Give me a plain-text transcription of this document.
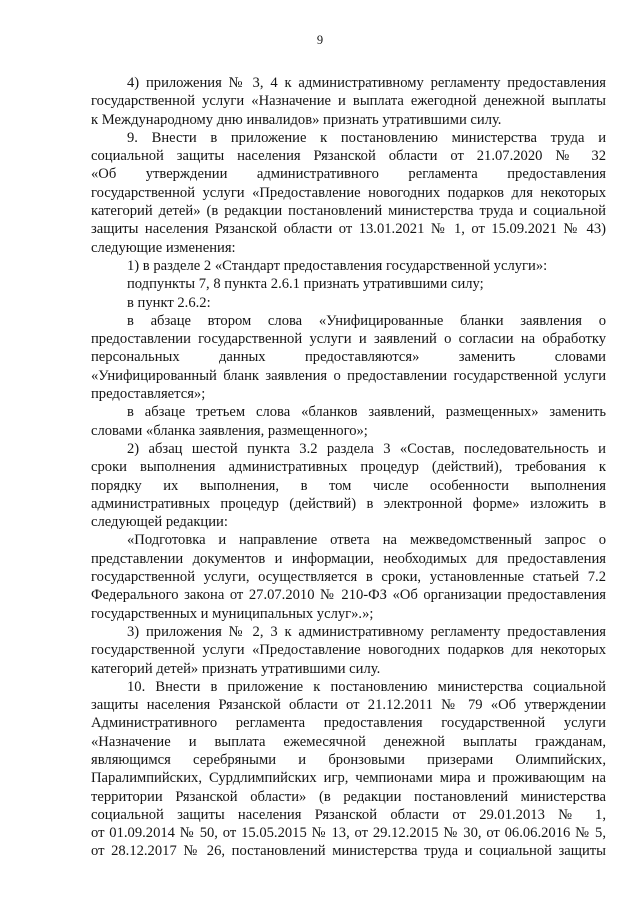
9
4) приложения № 3, 4 к административному регламенту предоставления
государственной услуги «Назначение и выплата ежегодной денежной выплаты
к Международному дню инвалидов» признать утратившими силу.
9. Внести в приложение к постановлению министерства труда и
социальной защиты населения Рязанской области от 21.07.2020 № 32
«Об утверждении административного регламента предоставления
государственной услуги «Предоставление новогодних подарков для некоторых
категорий детей» (в редакции постановлений министерства труда и социальной
защиты населения Рязанской области от 13.01.2021 № 1, от 15.09.2021 № 43)
следующие изменения:
1) в разделе 2 «Стандарт предоставления государственной услуги»:
подпункты 7, 8 пункта 2.6.1 признать утратившими силу;
в пункт 2.6.2:
в абзаце втором слова «Унифицированные бланки заявления о
предоставлении государственной услуги и заявлений о согласии на обработку
персональных данных предоставляются» заменить словами
«Унифицированный бланк заявления о предоставлении государственной услуги
предоставляется»;
в абзаце третьем слова «бланков заявлений, размещенных» заменить
словами «бланка заявления, размещенного»;
2) абзац шестой пункта 3.2 раздела 3 «Состав, последовательность и
сроки выполнения административных процедур (действий), требования к
порядку их выполнения, в том числе особенности выполнения
административных процедур (действий) в электронной форме» изложить в
следующей редакции:
«Подготовка и направление ответа на межведомственный запрос о
представлении документов и информации, необходимых для предоставления
государственной услуги, осуществляется в сроки, установленные статьей 7.2
Федерального закона от 27.07.2010 № 210-ФЗ «Об организации предоставления
государственных и муниципальных услуг».»;
3) приложения № 2, 3 к административному регламенту предоставления
государственной услуги «Предоставление новогодних подарков для некоторых
категорий детей» признать утратившими силу.
10. Внести в приложение к постановлению министерства социальной
защиты населения Рязанской области от 21.12.2011 № 79 «Об утверждении
Административного регламента предоставления государственной услуги
«Назначение и выплата ежемесячной денежной выплаты гражданам,
являющимся серебряными и бронзовыми призерами Олимпийских,
Паралимпийских, Сурдлимпийских игр, чемпионами мира и проживающим на
территории Рязанской области» (в редакции постановлений министерства
социальной защиты населения Рязанской области от 29.01.2013 № 1,
от 01.09.2014 № 50, от 15.05.2015 № 13, от 29.12.2015 № 30, от 06.06.2016 № 5,
от 28.12.2017 № 26, постановлений министерства труда и социальной защиты
